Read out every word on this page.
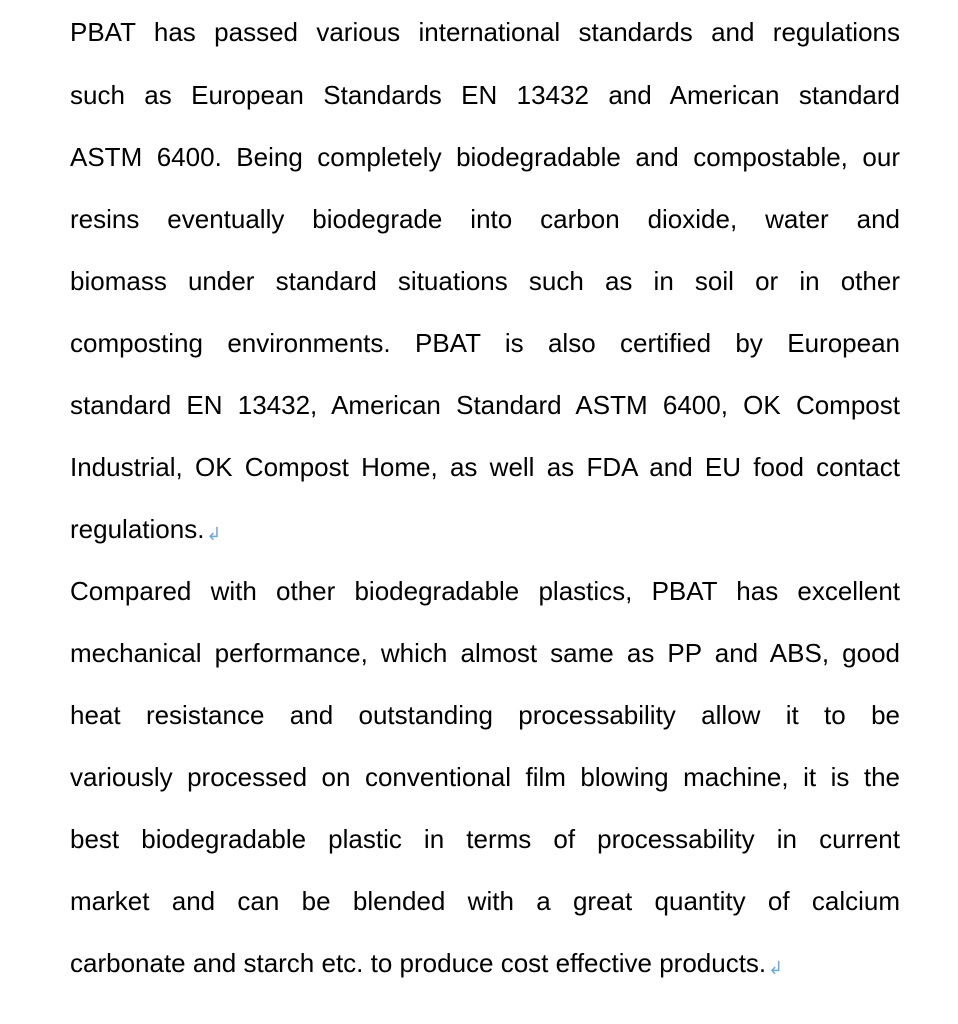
PBAT has passed various international standards and regulations
such as European Standards EN 13432 and American standard
ASTM 6400. Being completely biodegradable and compostable, our
resins eventually biodegrade into carbon dioxide, water and
biomass under standard situations such as in soil or in other
composting environments. PBAT is also certified by European
standard EN 13432, American Standard ASTM 6400, OK Compost
Industrial, OK Compost Home, as well as FDA and EU food contact
regulations. ↲
Compared with other biodegradable plastics, PBAT has excellent
mechanical performance, which almost same as PP and ABS, good
heat resistance and outstanding processability allow it to be
variously processed on conventional film blowing machine, it is the
best biodegradable plastic in terms of processability in current
market and can be blended with a great quantity of calcium
carbonate and starch etc. to produce cost effective products. ↲
